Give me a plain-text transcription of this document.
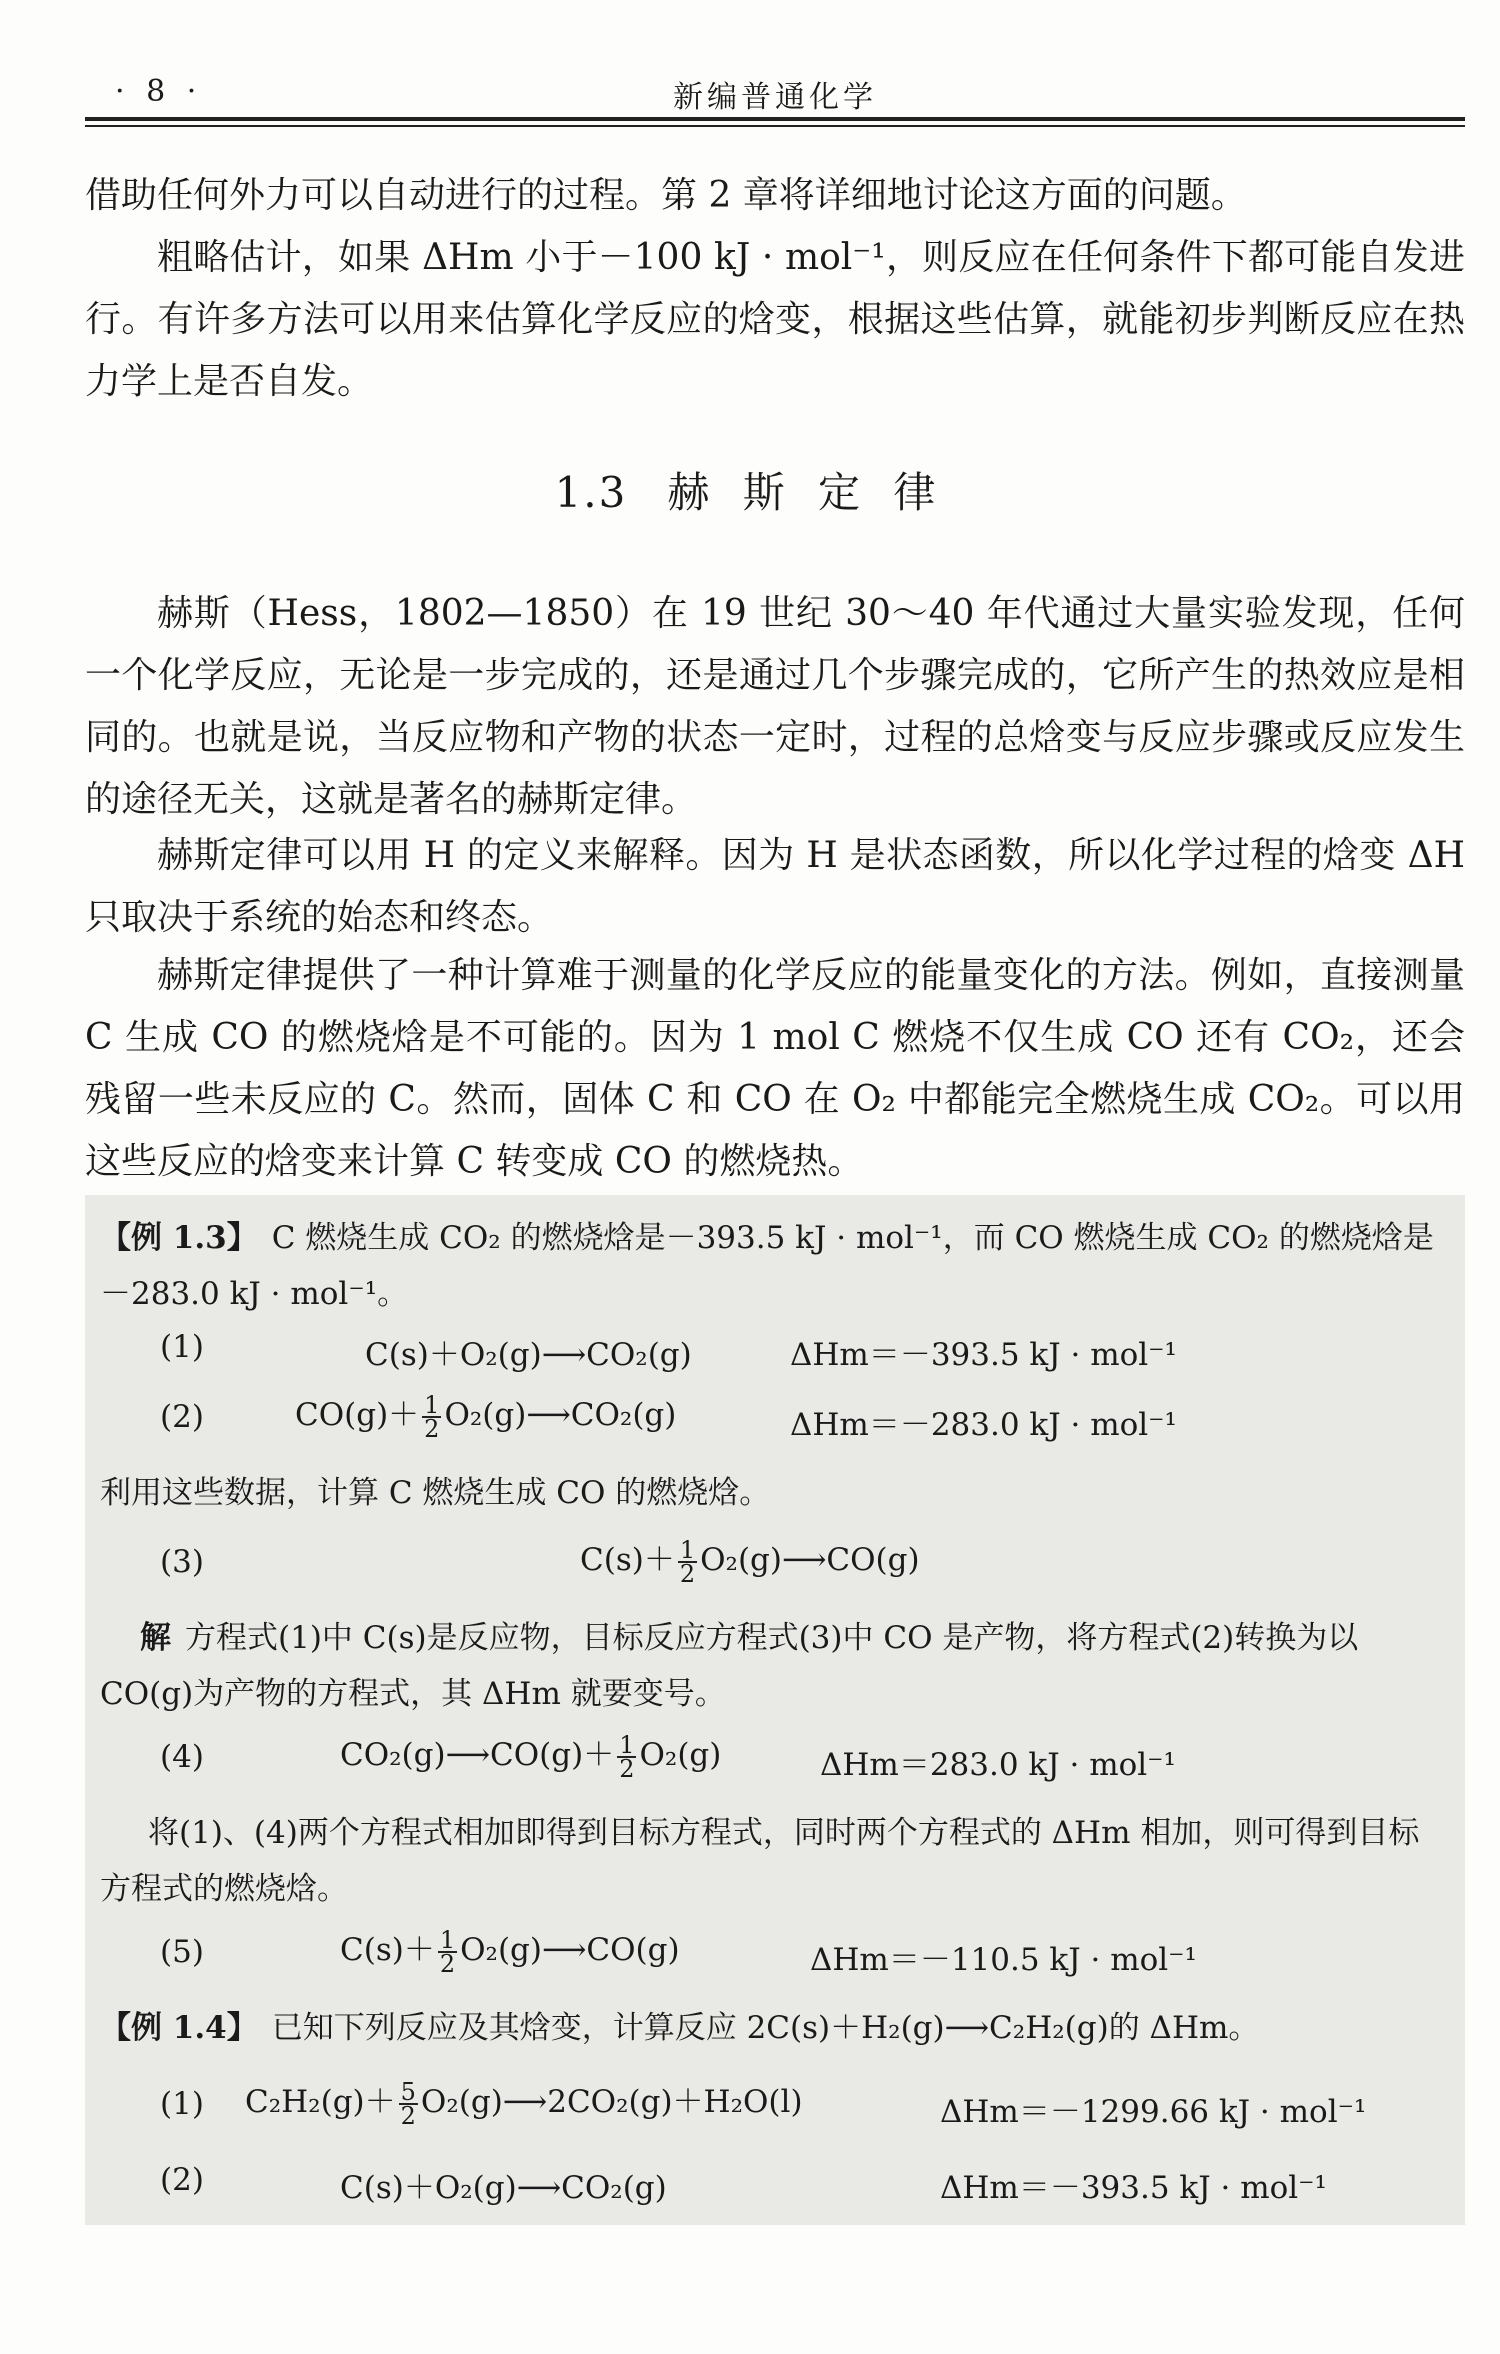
· 8 ·	新编普通化学
借助任何外力可以自动进行的过程。第 2 章将详细地讨论这方面的问题。
粗略估计，如果 ΔHm 小于－100 kJ · mol⁻¹，则反应在任何条件下都可能自发进行。有许多方法可以用来估算化学反应的焓变，根据这些估算，就能初步判断反应在热力学上是否自发。
1.3 赫 斯 定 律
赫斯（Hess，1802—1850）在 19 世纪 30～40 年代通过大量实验发现，任何一个化学反应，无论是一步完成的，还是通过几个步骤完成的，它所产生的热效应是相同的。也就是说，当反应物和产物的状态一定时，过程的总焓变与反应步骤或反应发生的途径无关，这就是著名的赫斯定律。
赫斯定律可以用 H 的定义来解释。因为 H 是状态函数，所以化学过程的焓变 ΔH 只取决于系统的始态和终态。
赫斯定律提供了一种计算难于测量的化学反应的能量变化的方法。例如，直接测量 C 生成 CO 的燃烧焓是不可能的。因为 1 mol C 燃烧不仅生成 CO 还有 CO₂，还会残留一些未反应的 C。然而，固体 C 和 CO 在 O₂ 中都能完全燃烧生成 CO₂。可以用这些反应的焓变来计算 C 转变成 CO 的燃烧热。
【例 1.3】 C 燃烧生成 CO₂ 的燃烧焓是－393.5 kJ · mol⁻¹，而 CO 燃烧生成 CO₂ 的燃烧焓是－283.0 kJ · mol⁻¹。
(1)	C(s)＋O₂(g)⟶CO₂(g)	ΔHm＝－393.5 kJ · mol⁻¹
(2)	$CO(g)+ \frac{1}{2}$ O₂(g)⟶CO₂(g)	ΔHm＝－283.0 kJ · mol⁻¹
利用这些数据，计算 C 燃烧生成 CO 的燃烧焓。
(3)	$C(s)+ \frac{1}{2}$ O₂(g)⟶CO(g)
解 方程式(1)中 C(s)是反应物，目标反应方程式(3)中 CO 是产物，将方程式(2)转换为以 CO(g)为产物的方程式，其 ΔHm 就要变号。
(4)	CO₂(g)⟶CO(g)＋ $\frac{1}{2} O_2(g)$	ΔHm＝283.0 kJ · mol⁻¹
将(1)、(4)两个方程式相加即得到目标方程式，同时两个方程式的 ΔHm 相加，则可得到目标方程式的燃烧焓。
(5)	$C(s)+ \frac{1}{2}$ O₂(g)⟶CO(g)	ΔHm＝－110.5 kJ · mol⁻¹
【例 1.4】 已知下列反应及其焓变，计算反应 2C(s)＋H₂(g)⟶C₂H₂(g)的 ΔHm。
(1) $C_2H_2(g)+ \frac{5}{2}$ O₂(g)⟶2CO₂(g)＋H₂O(l)	ΔHm＝－1299.66 kJ · mol⁻¹
(2)	C(s)＋O₂(g)⟶CO₂(g)	ΔHm＝－393.5 kJ · mol⁻¹
